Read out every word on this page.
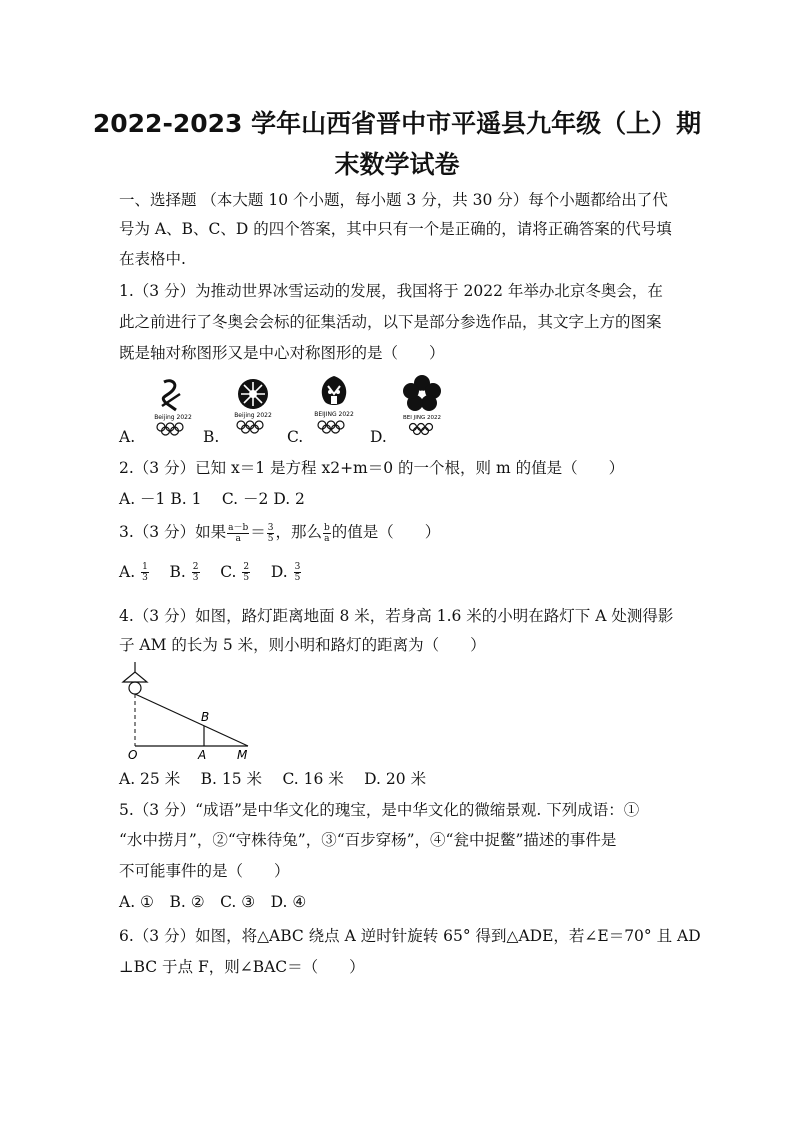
2022-2023 学年山西省晋中市平遥县九年级（上）期
末数学试卷
一、选择题 （本大题 10 个小题，每小题 3 分，共 30 分）每个小题都给出了代
号为 A、B、C、D 的四个答案，其中只有一个是正确的，请将正确答案的代号填
在表格中.
1.（3 分）为推动世界冰雪运动的发展，我国将于 2022 年举办北京冬奥会，在
此之前进行了冬奥会会标的征集活动，以下是部分参选作品，其文字上方的图案
既是轴对称图形又是中心对称图形的是（　　）
A.
Beijing 2022
B.
Beijing 2022
C.
BEIJING 2022
D.
BEI JING 2022
2.（3 分）已知 x＝1 是方程 x2+m＝0 的一个根，则 m 的值是（　　）
A. －1 B. 1　 C. －2 D. 2
3.（3 分）如果 $\frac{a-b}{a} = \frac{3}{5}$ ，那么 $\frac{b}{a}$ 的值是（　　）
A. $\frac{1}{3} B$. $\frac{2}{3} C$. $\frac{2}{5} D$. $\frac{3}{5}$
4.（3 分）如图，路灯距离地面 8 米，若身高 1.6 米的小明在路灯下 A 处测得影
子 AM 的长为 5 米，则小明和路灯的距离为（　　）
B
O	A	M
A. 25 米　 B. 15 米　 C. 16 米　 D. 20 米
5.（3 分）“成语”是中华文化的瑰宝，是中华文化的微缩景观. 下列成语：①
“水中捞月”，②“守株待兔”，③“百步穿杨”，④“瓮中捉鳖”描述的事件是
不可能事件的是（　　）
A. ①　B. ②　C. ③　D. ④
6.（3 分）如图，将△ABC 绕点 A 逆时针旋转 65° 得到△ADE，若∠E＝70° 且 AD
⊥BC 于点 F，则∠BAC＝（　　）
